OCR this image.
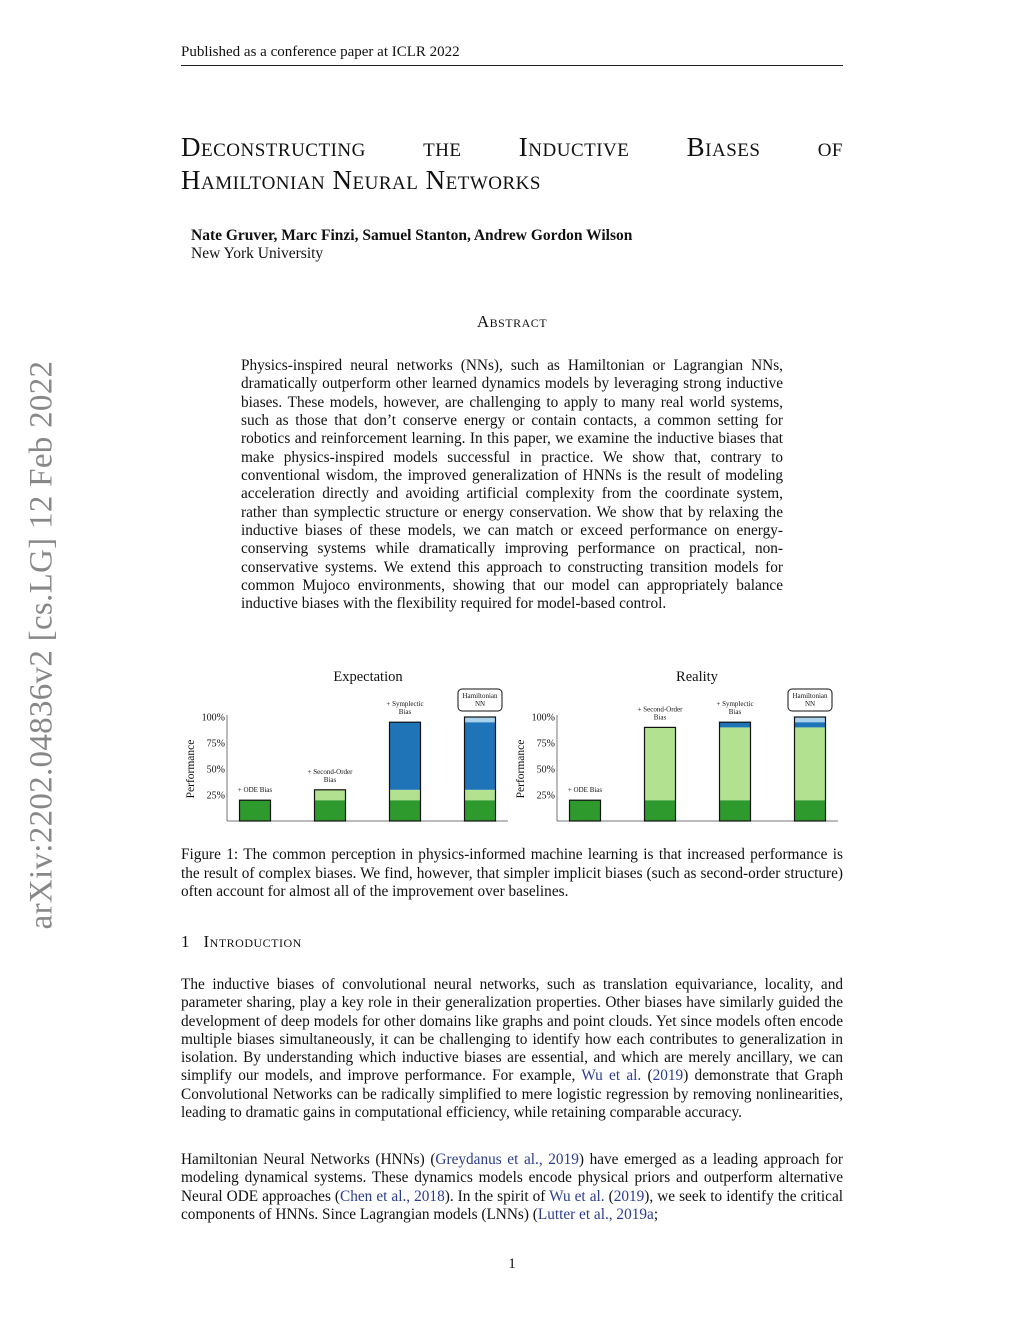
Published as a conference paper at ICLR 2022
arXiv:2202.04836v2 [cs.LG] 12 Feb 2022
Deconstructing the Inductive Biases of
Hamiltonian Neural Networks
Nate Gruver, Marc Finzi, Samuel Stanton, Andrew Gordon Wilson
New York University
Abstract
Physics-inspired neural networks (NNs), such as Hamiltonian or Lagrangian NNs, dramatically outperform other learned dynamics models by leveraging strong inductive biases. These models, however, are challenging to apply to many real world systems, such as those that don’t conserve energy or contain contacts, a common setting for robotics and reinforcement learning. In this paper, we examine the inductive biases that make physics-inspired models successful in practice. We show that, contrary to conventional wisdom, the improved generalization of HNNs is the result of modeling acceleration directly and avoiding artificial complexity from the coordinate system, rather than symplectic structure or energy conservation. We show that by relaxing the inductive biases of these models, we can match or exceed performance on energy-conserving systems while dramatically improving performance on practical, non-conservative systems. We extend this approach to constructing transition models for common Mujoco environments, showing that our model can appropriately balance inductive biases with the flexibility required for model-based control.
Expectation
Performance 25%
50%
75%
100%
+ ODE Bias
+ Second-Order
Bias
+ Symplectic
Bias
Hamiltonian
NN
Reality
Performance 25%
50%
75%
100%
+ ODE Bias
+ Second-Order
Bias
+ Symplectic
Bias
Hamiltonian
NN
Figure 1: The common perception in physics-informed machine learning is that increased performance is the result of complex biases. We find, however, that simpler implicit biases (such as second-order structure) often account for almost all of the improvement over baselines.
1 Introduction
The inductive biases of convolutional neural networks, such as translation equivariance, locality, and parameter sharing, play a key role in their generalization properties. Other biases have similarly guided the development of deep models for other domains like graphs and point clouds. Yet since models often encode multiple biases simultaneously, it can be challenging to identify how each contributes to generalization in isolation. By understanding which inductive biases are essential, and which are merely ancillary, we can simplify our models, and improve performance. For example, Wu et al. (2019) demonstrate that Graph Convolutional Networks can be radically simplified to mere logistic regression by removing nonlinearities, leading to dramatic gains in computational efficiency, while retaining comparable accuracy.
Hamiltonian Neural Networks (HNNs) (Greydanus et al., 2019) have emerged as a leading approach for modeling dynamical systems. These dynamics models encode physical priors and outperform alternative Neural ODE approaches (Chen et al., 2018). In the spirit of Wu et al. (2019), we seek to identify the critical components of HNNs. Since Lagrangian models (LNNs) (Lutter et al., 2019a;
1
